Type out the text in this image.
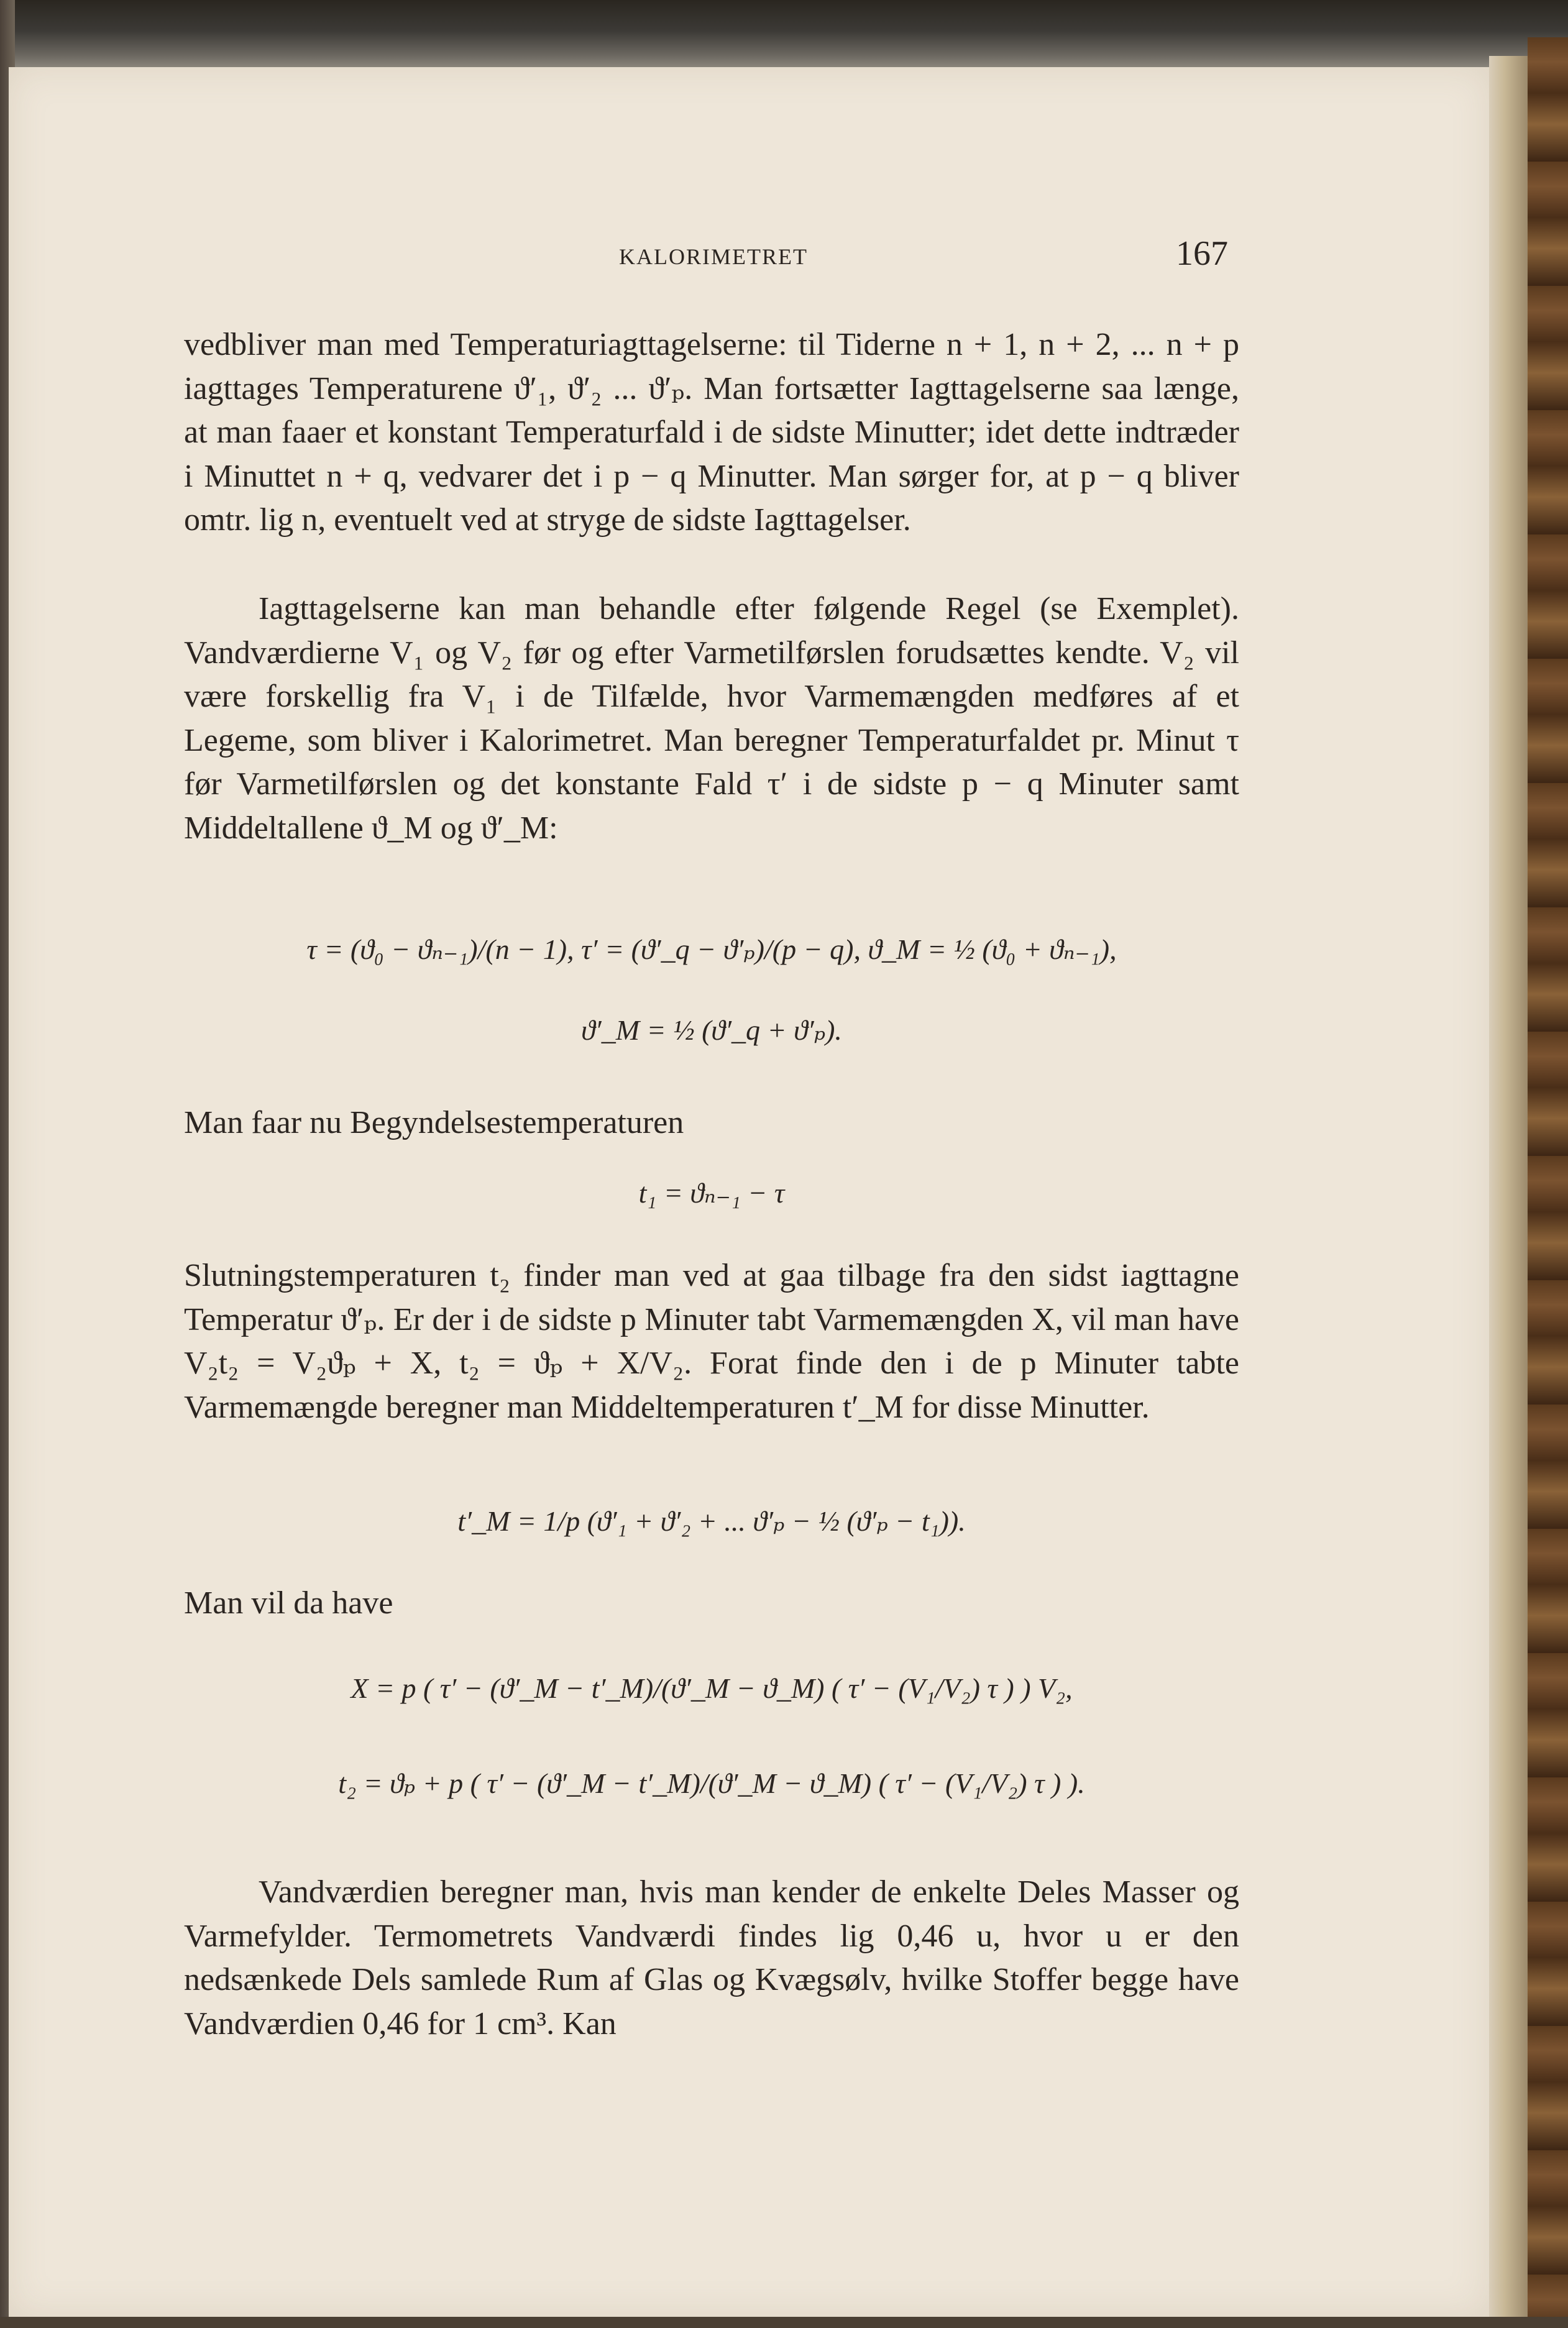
KALORIMETRET	167

vedbliver man med Temperaturiagttagelserne: til Tiderne n + 1, n + 2, ... n + p iagttages Temperaturene ϑ′₁, ϑ′₂ ... ϑ′ₚ. Man fortsætter Iagttagelserne saa længe, at man faaer et konstant Temperaturfald i de sidste Minutter; idet dette indtræder i Minuttet n + q, vedvarer det i p − q Minutter. Man sørger for, at p − q bliver omtr. lig n, eventuelt ved at stryge de sidste Iagttagelser.

Iagttagelserne kan man behandle efter følgende Regel (se Exemplet). Vandværdierne V₁ og V₂ før og efter Varmetilførslen forudsættes kendte. V₂ vil være forskellig fra V₁ i de Tilfælde, hvor Varmemængden medføres af et Legeme, som bliver i Kalorimetret. Man beregner Temperaturfaldet pr. Minut τ før Varmetilførslen og det konstante Fald τ′ i de sidste p − q Minuter samt Middeltallene ϑ_M og ϑ′_M:

τ = (ϑ₀ − ϑₙ₋₁)/(n − 1), τ′ = (ϑ′_q − ϑ′ₚ)/(p − q), ϑ_M = ½ (ϑ₀ + ϑₙ₋₁),

ϑ′_M = ½ (ϑ′_q + ϑ′ₚ).

Man faar nu Begyndelsestemperaturen

t₁ = ϑₙ₋₁ − τ

Slutningstemperaturen t₂ finder man ved at gaa tilbage fra den sidst iagttagne Temperatur ϑ′ₚ. Er der i de sidste p Minuter tabt Varmemængden X, vil man have V₂t₂ = V₂ϑₚ + X, t₂ = ϑₚ + X/V₂. Forat finde den i de p Minuter tabte Varmemængde beregner man Middeltemperaturen t′_M for disse Minutter.

t′_M = 1/p (ϑ′₁ + ϑ′₂ + ... ϑ′ₚ − ½ (ϑ′ₚ − t₁)).

Man vil da have

X = p ( τ′ − (ϑ′_M − t′_M)/(ϑ′_M − ϑ_M) ( τ′ − (V₁/V₂) τ ) ) V₂,

t₂ = ϑₚ + p ( τ′ − (ϑ′_M − t′_M)/(ϑ′_M − ϑ_M) ( τ′ − (V₁/V₂) τ ) ).

Vandværdien beregner man, hvis man kender de enkelte Deles Masser og Varmefylder. Termometrets Vandværdi findes lig 0,46 u, hvor u er den nedsænkede Dels samlede Rum af Glas og Kvægsølv, hvilke Stoffer begge have Vandværdien 0,46 for 1 cm³. Kan
